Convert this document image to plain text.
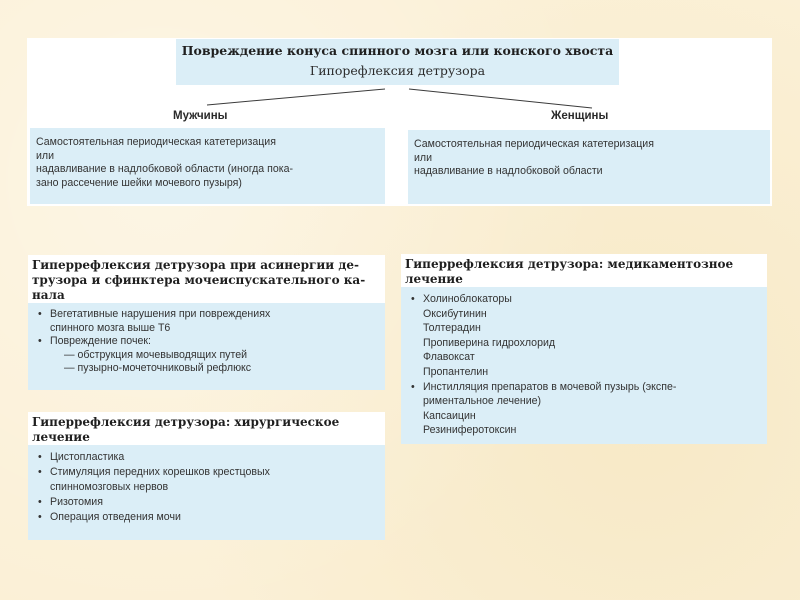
Повреждение конуса спинного мозга или конского хвоста
Гипорефлексия детрузора
Мужчины	Женщины
Самостоятельная периодическая катетеризация
или
надавливание в надлобковой области (иногда пока-
зано рассечение шейки мочевого пузыря)
Самостоятельная периодическая катетеризация
или
надавливание в надлобковой области
Гиперрефлексия детрузора при асинергии де-
трузора и сфинктера мочеиспускательного ка-
нала
• Вегетативные нарушения при повреждениях
спинного мозга выше Т6
• Повреждение почек:
— обструкция мочевыводящих путей
— пузырно-мочеточниковый рефлюкс
Гиперрефлексия детрузора: хирургическое
лечение
• Цистопластика
• Стимуляция передних корешков крестцовых
спинномозговых нервов
• Ризотомия
• Операция отведения мочи
Гиперрефлексия детрузора: медикаментозное
лечение
• Холиноблокаторы
Оксибутинин
Толтерадин
Пропиверина гидрохлорид
Флавоксат
Пропантелин
• Инстилляция препаратов в мочевой пузырь (экспе-
риментальное лечение)
Капсаицин
Резиниферотоксин
